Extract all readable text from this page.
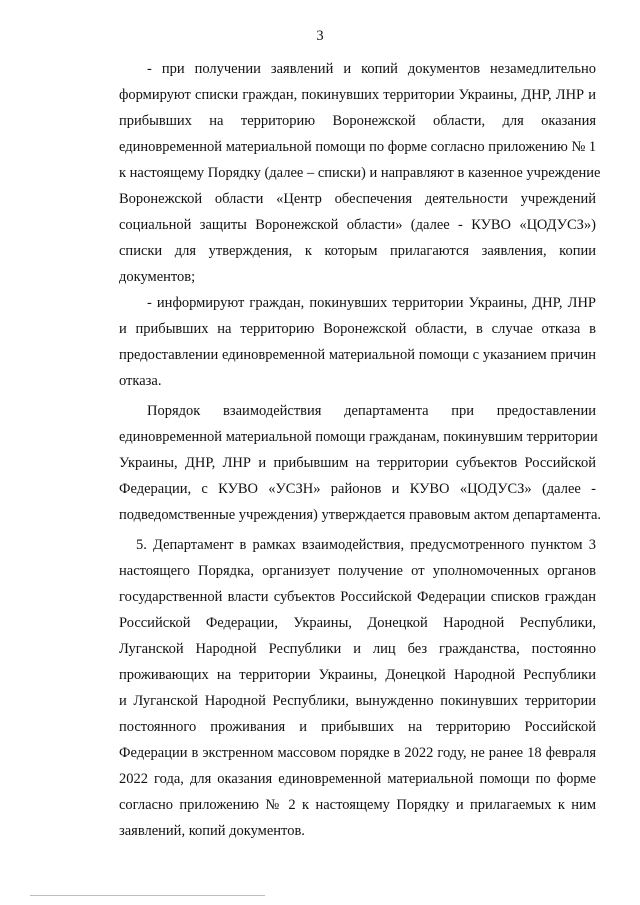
3
- при получении заявлений и копий документов незамедлительно
формируют списки граждан, покинувших территории Украины, ДНР, ЛНР и
прибывших на территорию Воронежской области, для оказания
единовременной материальной помощи по форме согласно приложению № 1
к настоящему Порядку (далее – списки) и направляют в казенное учреждение
Воронежской области «Центр обеспечения деятельности учреждений
социальной защиты Воронежской области» (далее - КУВО «ЦОДУСЗ»)
списки для утверждения, к которым прилагаются заявления, копии
документов;
- информируют граждан, покинувших территории Украины, ДНР, ЛНР
и прибывших на территорию Воронежской области, в случае отказа в
предоставлении единовременной материальной помощи с указанием причин
отказа.
Порядок взаимодействия департамента при предоставлении
единовременной материальной помощи гражданам, покинувшим территории
Украины, ДНР, ЛНР и прибывшим на территории субъектов Российской
Федерации, с КУВО «УСЗН» районов и КУВО «ЦОДУСЗ» (далее -
подведомственные учреждения) утверждается правовым актом департамента.
5. Департамент в рамках взаимодействия, предусмотренного пунктом 3
настоящего Порядка, организует получение от уполномоченных органов
государственной власти субъектов Российской Федерации списков граждан
Российской Федерации, Украины, Донецкой Народной Республики,
Луганской Народной Республики и лиц без гражданства, постоянно
проживающих на территории Украины, Донецкой Народной Республики
и Луганской Народной Республики, вынужденно покинувших территории
постоянного проживания и прибывших на территорию Российской
Федерации в экстренном массовом порядке в 2022 году, не ранее 18 февраля
2022 года, для оказания единовременной материальной помощи по форме
согласно приложению № 2 к настоящему Порядку и прилагаемых к ним
заявлений, копий документов.
